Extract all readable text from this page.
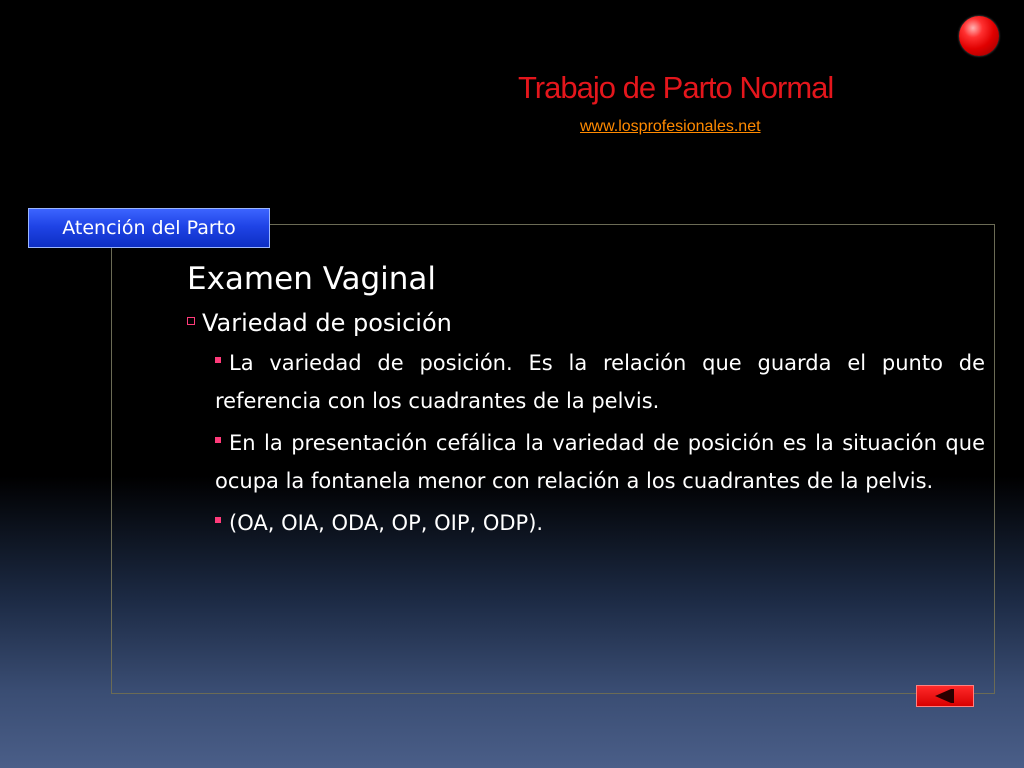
Trabajo de Parto Normal
www.losprofesionales.net
Atención del Parto
Examen Vaginal
Variedad de posición
La variedad de posición. Es la relación que guarda el punto de referencia con los cuadrantes de la pelvis.
En la presentación cefálica la variedad de posición es la situación que ocupa la fontanela menor con relación a los cuadrantes de la pelvis.
(OA, OIA, ODA, OP, OIP, ODP).
